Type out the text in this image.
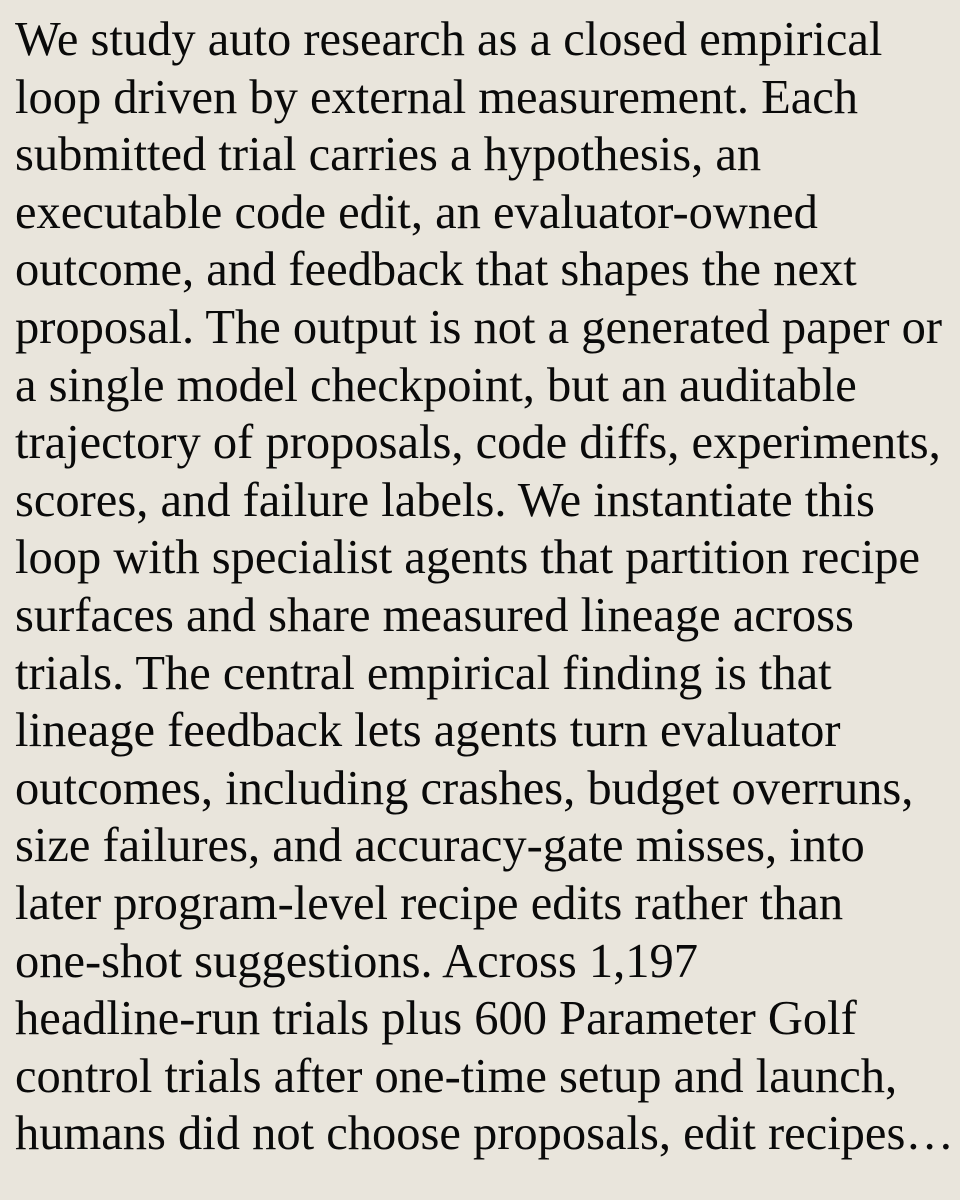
We study auto research as a closed empirical
loop driven by external measurement. Each
submitted trial carries a hypothesis, an
executable code edit, an evaluator-owned
outcome, and feedback that shapes the next
proposal. The output is not a generated paper or
a single model checkpoint, but an auditable
trajectory of proposals, code diffs, experiments,
scores, and failure labels. We instantiate this
loop with specialist agents that partition recipe
surfaces and share measured lineage across
trials. The central empirical finding is that
lineage feedback lets agents turn evaluator
outcomes, including crashes, budget overruns,
size failures, and accuracy-gate misses, into
later program-level recipe edits rather than
one-shot suggestions. Across 1,197
headline-run trials plus 600 Parameter Golf
control trials after one-time setup and launch,
humans did not choose proposals, edit recipes…
